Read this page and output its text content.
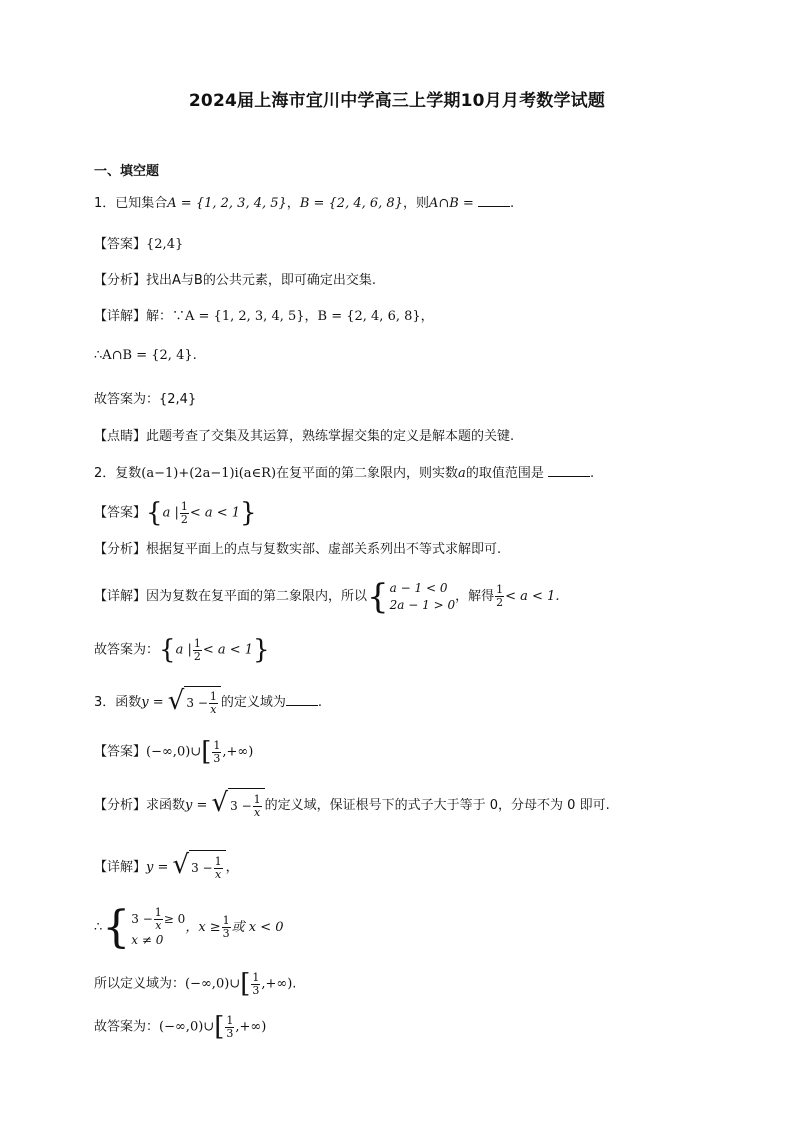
2024届上海市宜川中学高三上学期10月月考数学试题
一、填空题
1．已知集合A = {1, 2, 3, 4, 5}，B = {2, 4, 6, 8}，则A∩B =	.
【答案】{2,4}
【分析】找出A与B的公共元素，即可确定出交集.
【详解】解：∵A = {1, 2, 3, 4, 5}，B = {2, 4, 6, 8}，
∴A∩B = {2, 4}.
故答案为：{2,4}
【点睛】此题考查了交集及其运算，熟练掌握交集的定义是解本题的关键.
2．复数(a−1)+(2a−1)i(a∈R)在复平面的第二象限内，则实数a的取值范围是	.
【答案】{a | $\frac{1}{2} < a < 1$}
【分析】根据复平面上的点与复数实部、虚部关系列出不等式求解即可.
【详解】因为复数在复平面的第二象限内，所以 { a − 1 < 0
2a − 1 > 0
，解得 $\frac{1}{2} < a < 1$.
故答案为：{a | $\frac{1}{2} < a < 1$}
3．函数y = √ $3 - \frac{1}{x}$ 的定义域为 .
【答案】(−∞,0)∪[ $\frac{1}{3}$ ,+∞)
【分析】求函数y = √ $3 - \frac{1}{x}$ 的定义域，保证根号下的式子大于等于 0，分母不为 0 即可.
【详解】y = √ $3 - \frac{1}{x}$ ，
∴ { $3 - \frac{1}{x} \ge 0$
x ≠ 0
，$x \ge \frac{1}{3}$ 或 x < 0
所以定义域为：(−∞,0)∪[ $\frac{1}{3}$ ,+∞).
故答案为：(−∞,0)∪[ $\frac{1}{3}$ ,+∞)
